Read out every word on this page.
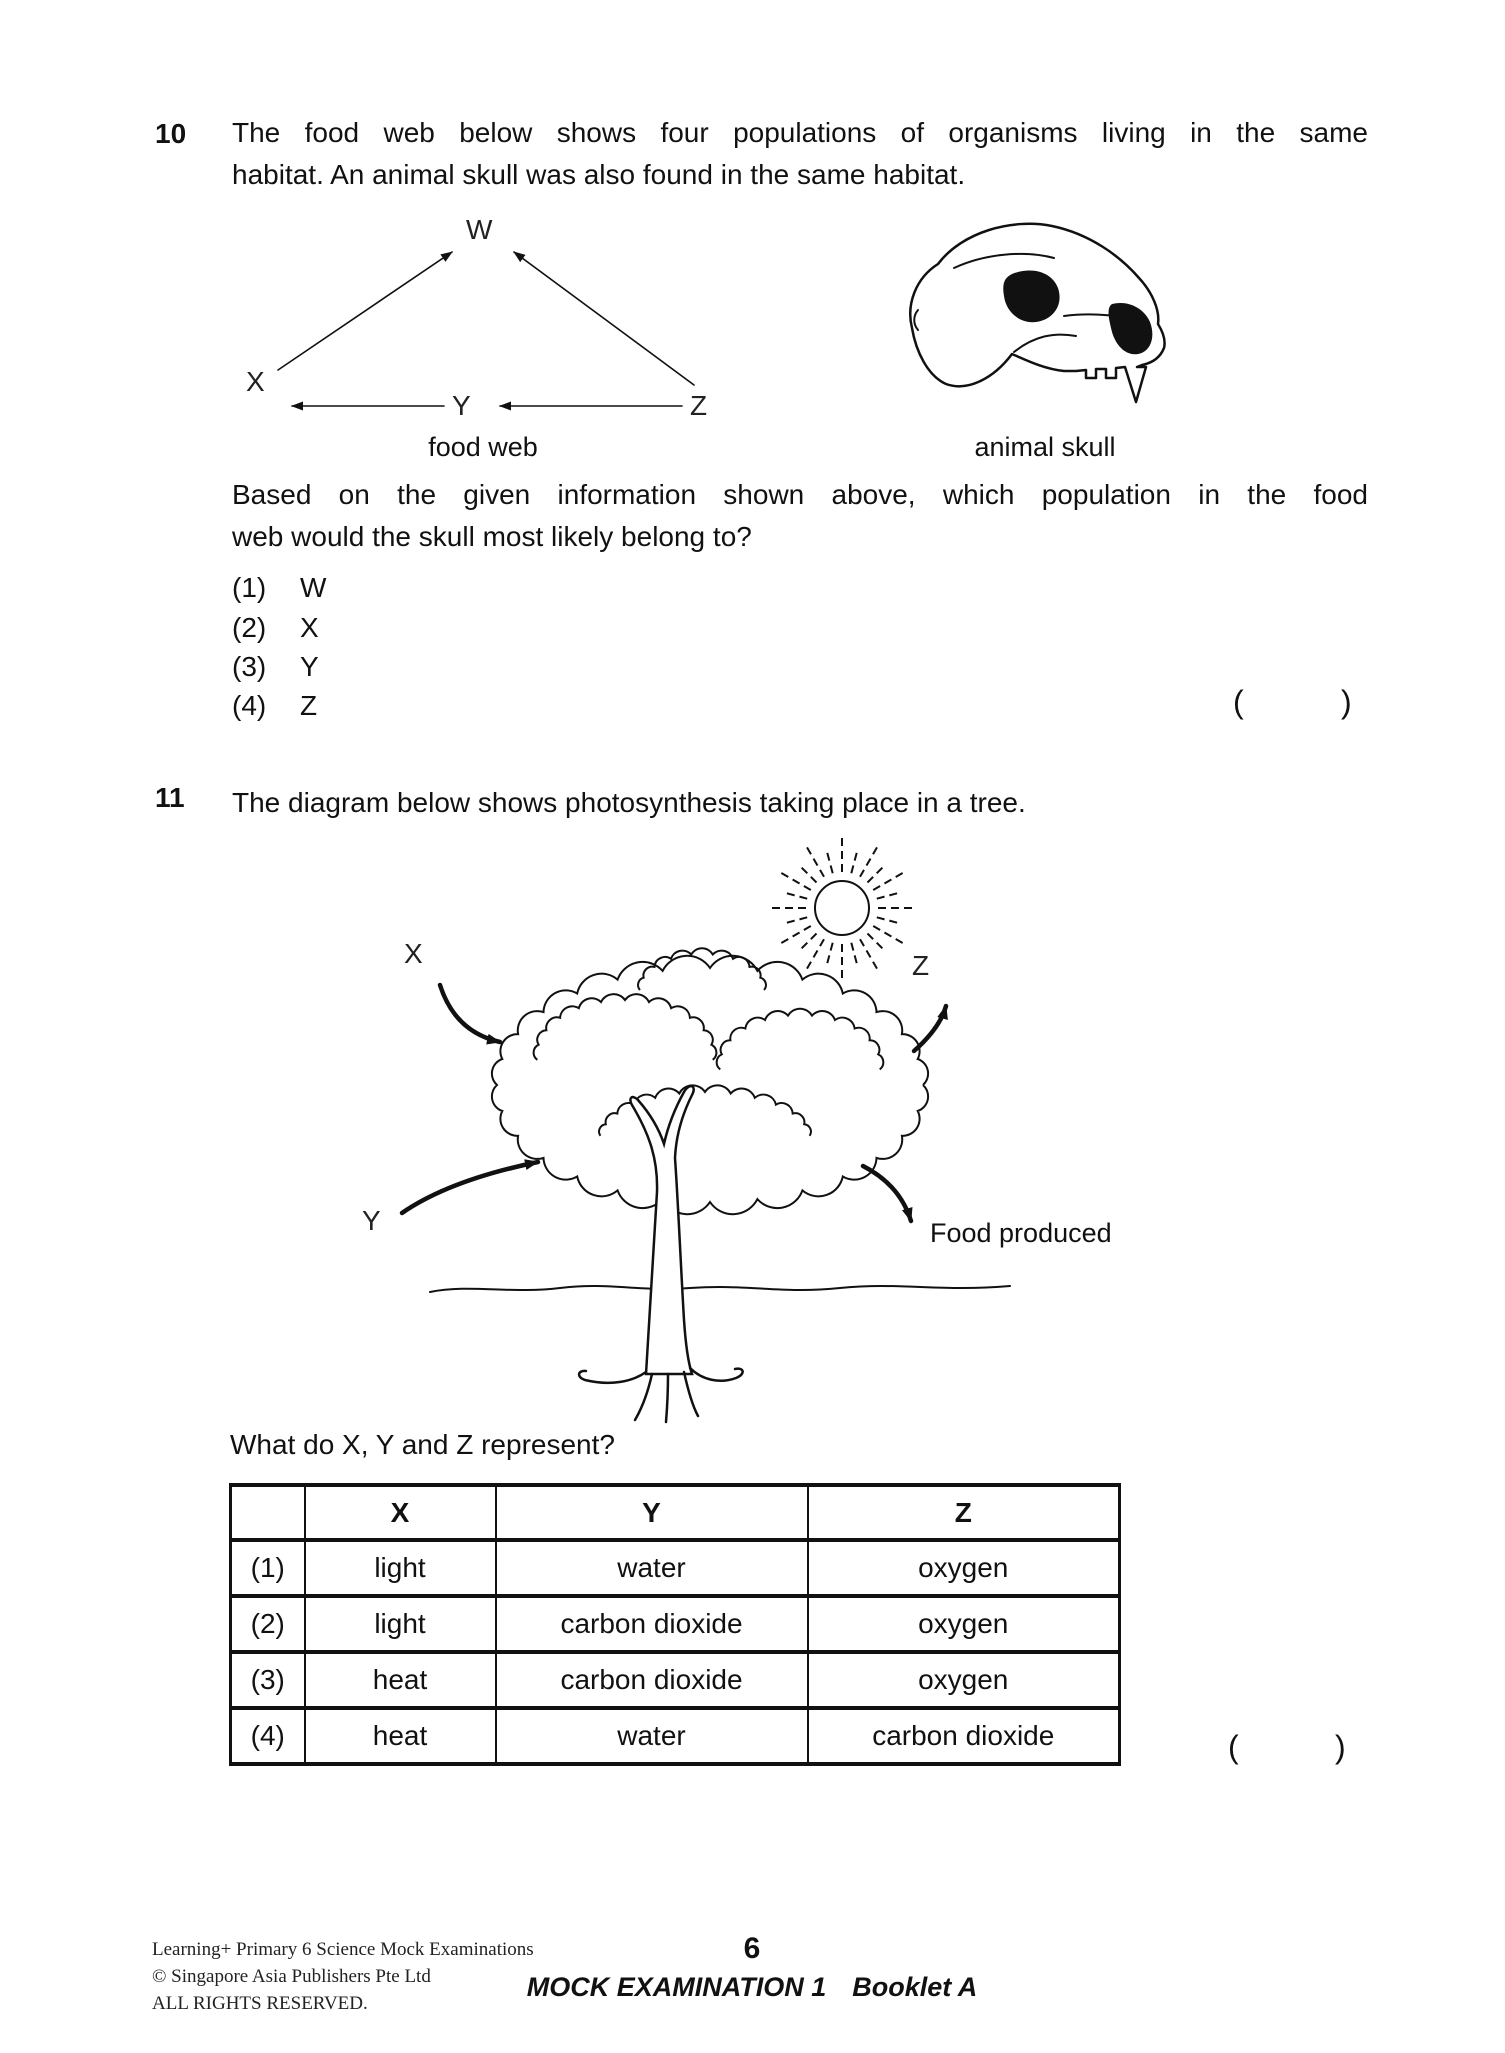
10 The food web below shows four populations of organisms living in the same
habitat. An animal skull was also found in the same habitat.
W
X
Y	Z
food web	animal skull
Based on the given information shown above, which population in the food
web would the skull most likely belong to?
(1) W
(2) X
(3) Y
(4) Z	(	)
11 The diagram below shows photosynthesis taking place in a tree.
X
Y
Z
Food produced
What do X, Y and Z represent?
	X	Y	Z
(1)	light	water	oxygen
(2)	light	carbon dioxide	oxygen
(3)	heat	carbon dioxide	oxygen
(4)	heat	water	carbon dioxide	(	)
Learning+ Primary 6 Science Mock Examinations
© Singapore Asia Publishers Pte Ltd
ALL RIGHTS RESERVED.
6
MOCK EXAMINATION 1 Booklet A
